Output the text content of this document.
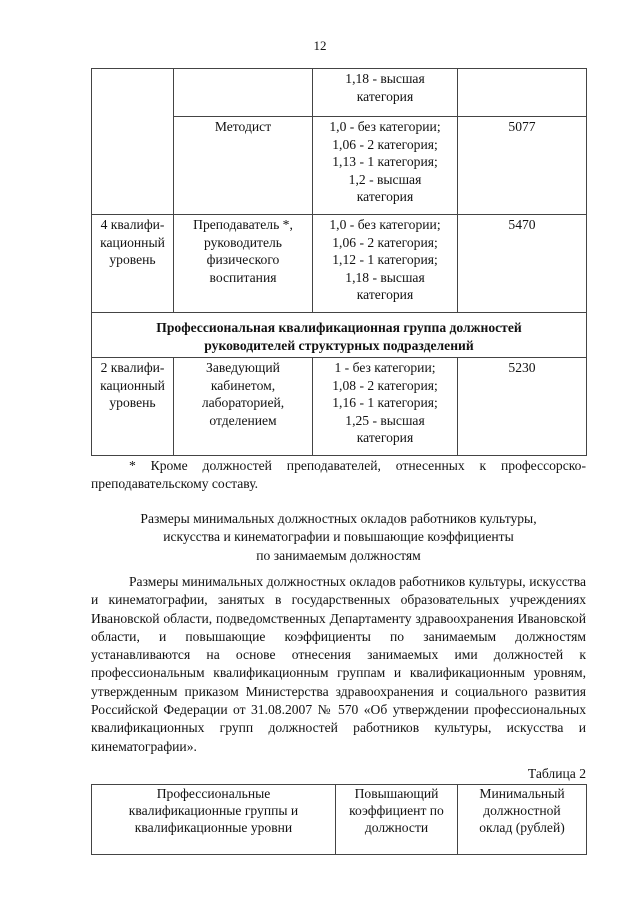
12

		1,18 - высшая
категория	

	Методист	1,0 - без категории;
1,06 - 2 категория;
1,13 - 1 категория;
1,2 - высшая
категория	5077
4 квалифи-кационный уровень	Преподаватель *, руководитель физического воспитания	1,0 - без категории;
1,06 - 2 категория;
1,12 - 1 категория;
1,18 - высшая
категория	5470
Профессиональная квалификационная группа должностей руководителей структурных подразделений			
2 квалифи-кационный уровень	Заведующий кабинетом, лабораторией, отделением	1 - без категории;
1,08 - 2 категория;
1,16 - 1 категория;
1,25 - высшая
категория	5230
* Кроме должностей преподавателей, отнесенных к профессорско-преподавательскому составу.
Размеры минимальных должностных окладов работников культуры,
искусства и кинематографии и повышающие коэффициенты
по занимаемым должностям
Размеры минимальных должностных окладов работников культуры, искусства и кинематографии, занятых в государственных образовательных учреждениях Ивановской области, подведомственных Департаменту здравоохранения Ивановской области, и повышающие коэффициенты по занимаемым должностям устанавливаются на основе отнесения занимаемых ими должностей к профессиональным квалификационным группам и квалификационным уровням, утвержденным приказом Министерства здравоохранения и социального развития Российской Федерации от 31.08.2007 № 570 «Об утверждении профессиональных квалификационных групп должностей работников культуры, искусства и кинематографии».
Таблица 2
Профессиональные квалификационные группы и квалификационные уровни	Повышающий коэффициент по должности	Минимальный должностной оклад (рублей)
